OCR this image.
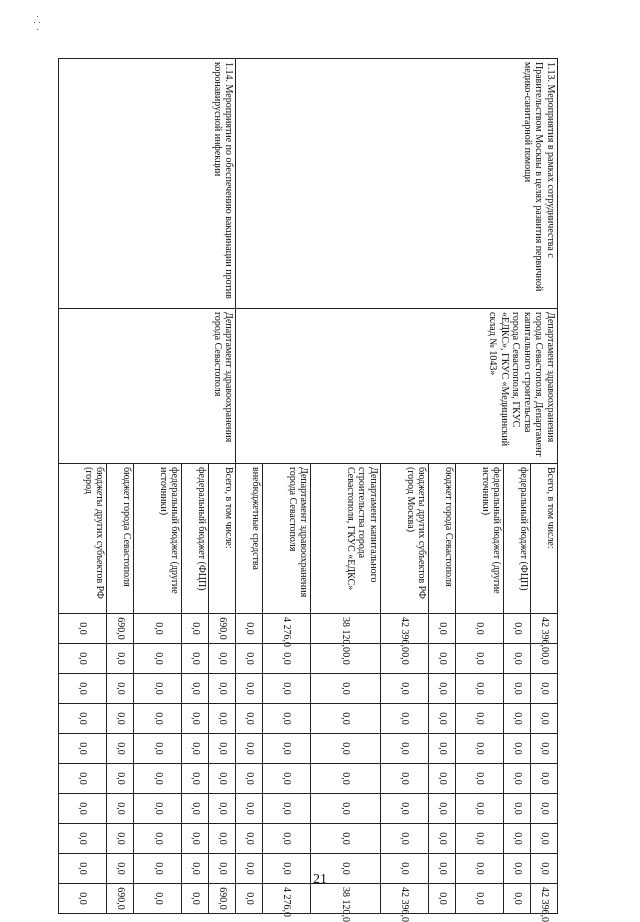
1.13. Мероприятия в рамках сотрудничества с Правительством Москвы в целях развития первичной медико-санитарной помощи	Департамент здравоохранения города Севастополя, Департамент капитального строительства города Севастополя, ГКУС «ЕДКС», ГКУС «Медицинский склад № 1043»	Всего, в том числе:	42 396,0	0,0	0,0	0,0	0,0	0,0	0,0	0,0	0,0	42 396,0
		федеральный бюджет (ФЦП)	0,0	0,0	0,0	0,0	0,0	0,0	0,0	0,0	0,0	0,0
		федеральный бюджет (другие источники)	0,0	0,0	0,0	0,0	0,0	0,0	0,0	0,0	0,0	0,0
		бюджет города Севастополя	0,0	0,0	0,0	0,0	0,0	0,0	0,0	0,0	0,0	0,0
		бюджеты других субъектов РФ (город Москва)	42 396,0	0,0	0,0	0,0	0,0	0,0	0,0	0,0	0,0	42 396,0
		Департамент капитального строительства города Севастополя, ГКУС «ЕДКС»	38 120,0	0,0	0,0	0,0	0,0	0,0	0,0	0,0	0,0	38 120,0
		Департамент здравоохранения города Севастополя	4 276,0	0,0	0,0	0,0	0,0	0,0	0,0	0,0	0,0	4 276,0
		внебюджетные средства	0,0	0,0	0,0	0,0	0,0	0,0	0,0	0,0	0,0	0,0
1.14. Мероприятие по обеспечению вакцинации против коронавирусной инфекции	Департамент здравоохранения города Севастополя	Всего, в том числе:	690,0	0,0	0,0	0,0	0,0	0,0	0,0	0,0	0,0	690,0
		федеральный бюджет (ФЦП)	0,0	0,0	0,0	0,0	0,0	0,0	0,0	0,0	0,0	0,0
		федеральный бюджет (другие источники)	0,0	0,0	0,0	0,0	0,0	0,0	0,0	0,0	0,0	0,0
		бюджет города Севастополя	690,0	0,0	0,0	0,0	0,0	0,0	0,0	0,0	0,0	690,0
		бюджеты других субъектов РФ (город	0,0	0,0	0,0	0,0	0,0	0,0	0,0	0,0	0,0	0,0
21
